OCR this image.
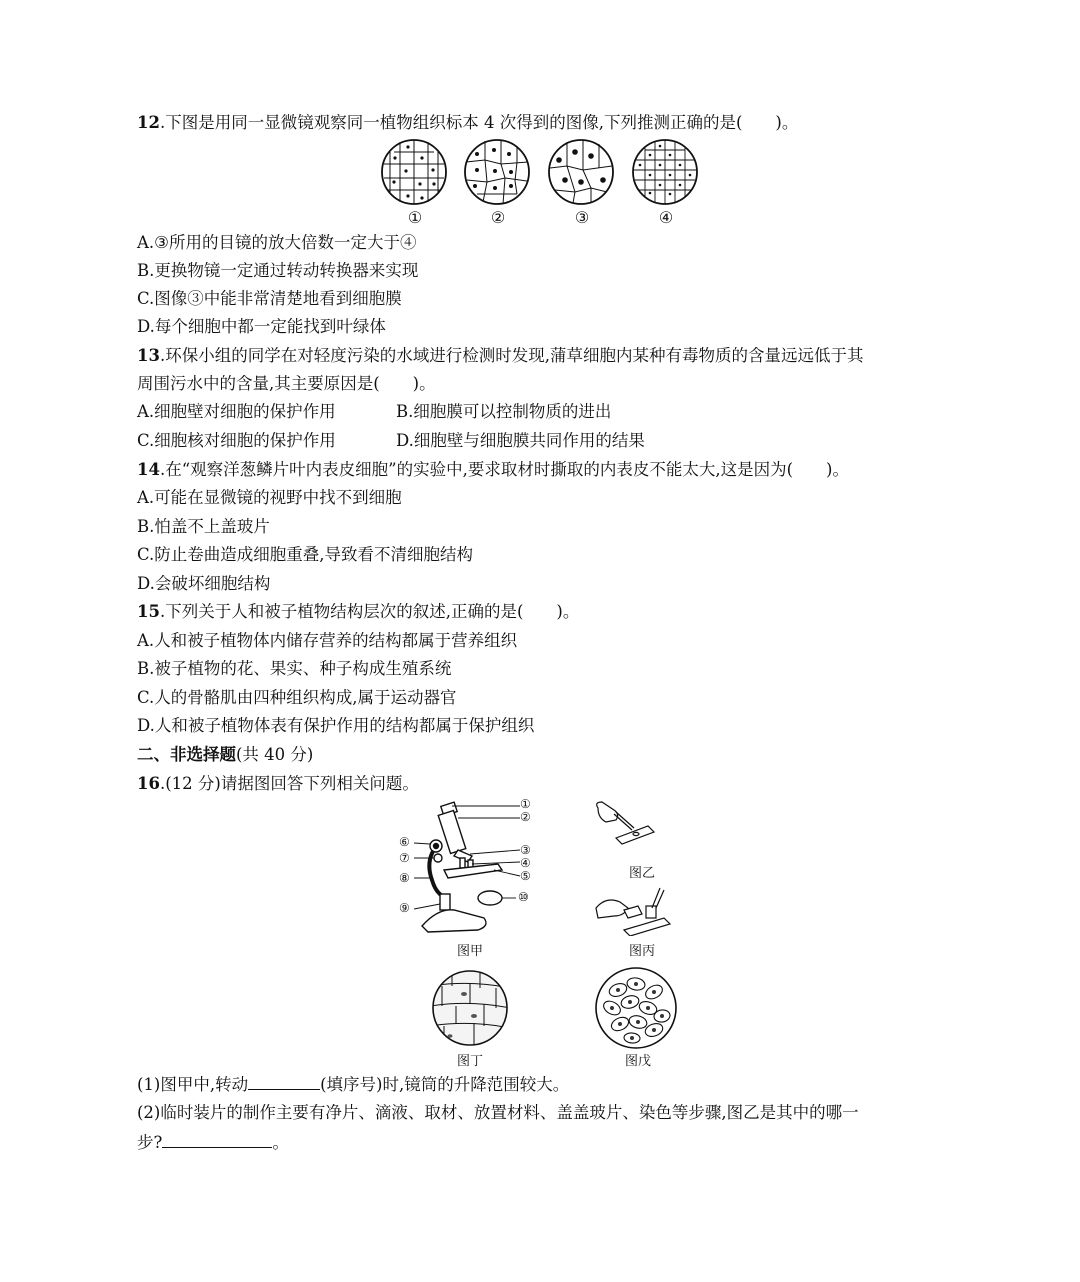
12.下图是用同一显微镜观察同一植物组织标本 4 次得到的图像,下列推测正确的是(　　)。
①	②	③	④
A.③所用的目镜的放大倍数一定大于④
B.更换物镜一定通过转动转换器来实现
C.图像③中能非常清楚地看到细胞膜
D.每个细胞中都一定能找到叶绿体
13.环保小组的同学在对轻度污染的水域进行检测时发现,蒲草细胞内某种有毒物质的含量远远低于其
周围污水中的含量,其主要原因是(　　)。
A.细胞壁对细胞的保护作用	B.细胞膜可以控制物质的进出
C.细胞核对细胞的保护作用	D.细胞壁与细胞膜共同作用的结果
14.在“观察洋葱鳞片叶内表皮细胞”的实验中,要求取材时撕取的内表皮不能太大,这是因为(　　)。
A.可能在显微镜的视野中找不到细胞
B.怕盖不上盖玻片
C.防止卷曲造成细胞重叠,导致看不清细胞结构
D.会破坏细胞结构
15.下列关于人和被子植物结构层次的叙述,正确的是(　　)。
A.人和被子植物体内储存营养的结构都属于营养组织
B.被子植物的花、果实、种子构成生殖系统
C.人的骨骼肌由四种组织构成,属于运动器官
D.人和被子植物体表有保护作用的结构都属于保护组织
二、非选择题(共 40 分)
16.(12 分)请据图回答下列相关问题。
①
②
③
④
⑤
⑥
⑦
⑧
⑨
⑩
图甲
图乙
图丙
图丁	图戊
(1)图甲中,转动	(填序号)时,镜筒的升降范围较大。
(2)临时装片的制作主要有净片、滴液、取材、放置材料、盖盖玻片、染色等步骤,图乙是其中的哪一
步?	。
